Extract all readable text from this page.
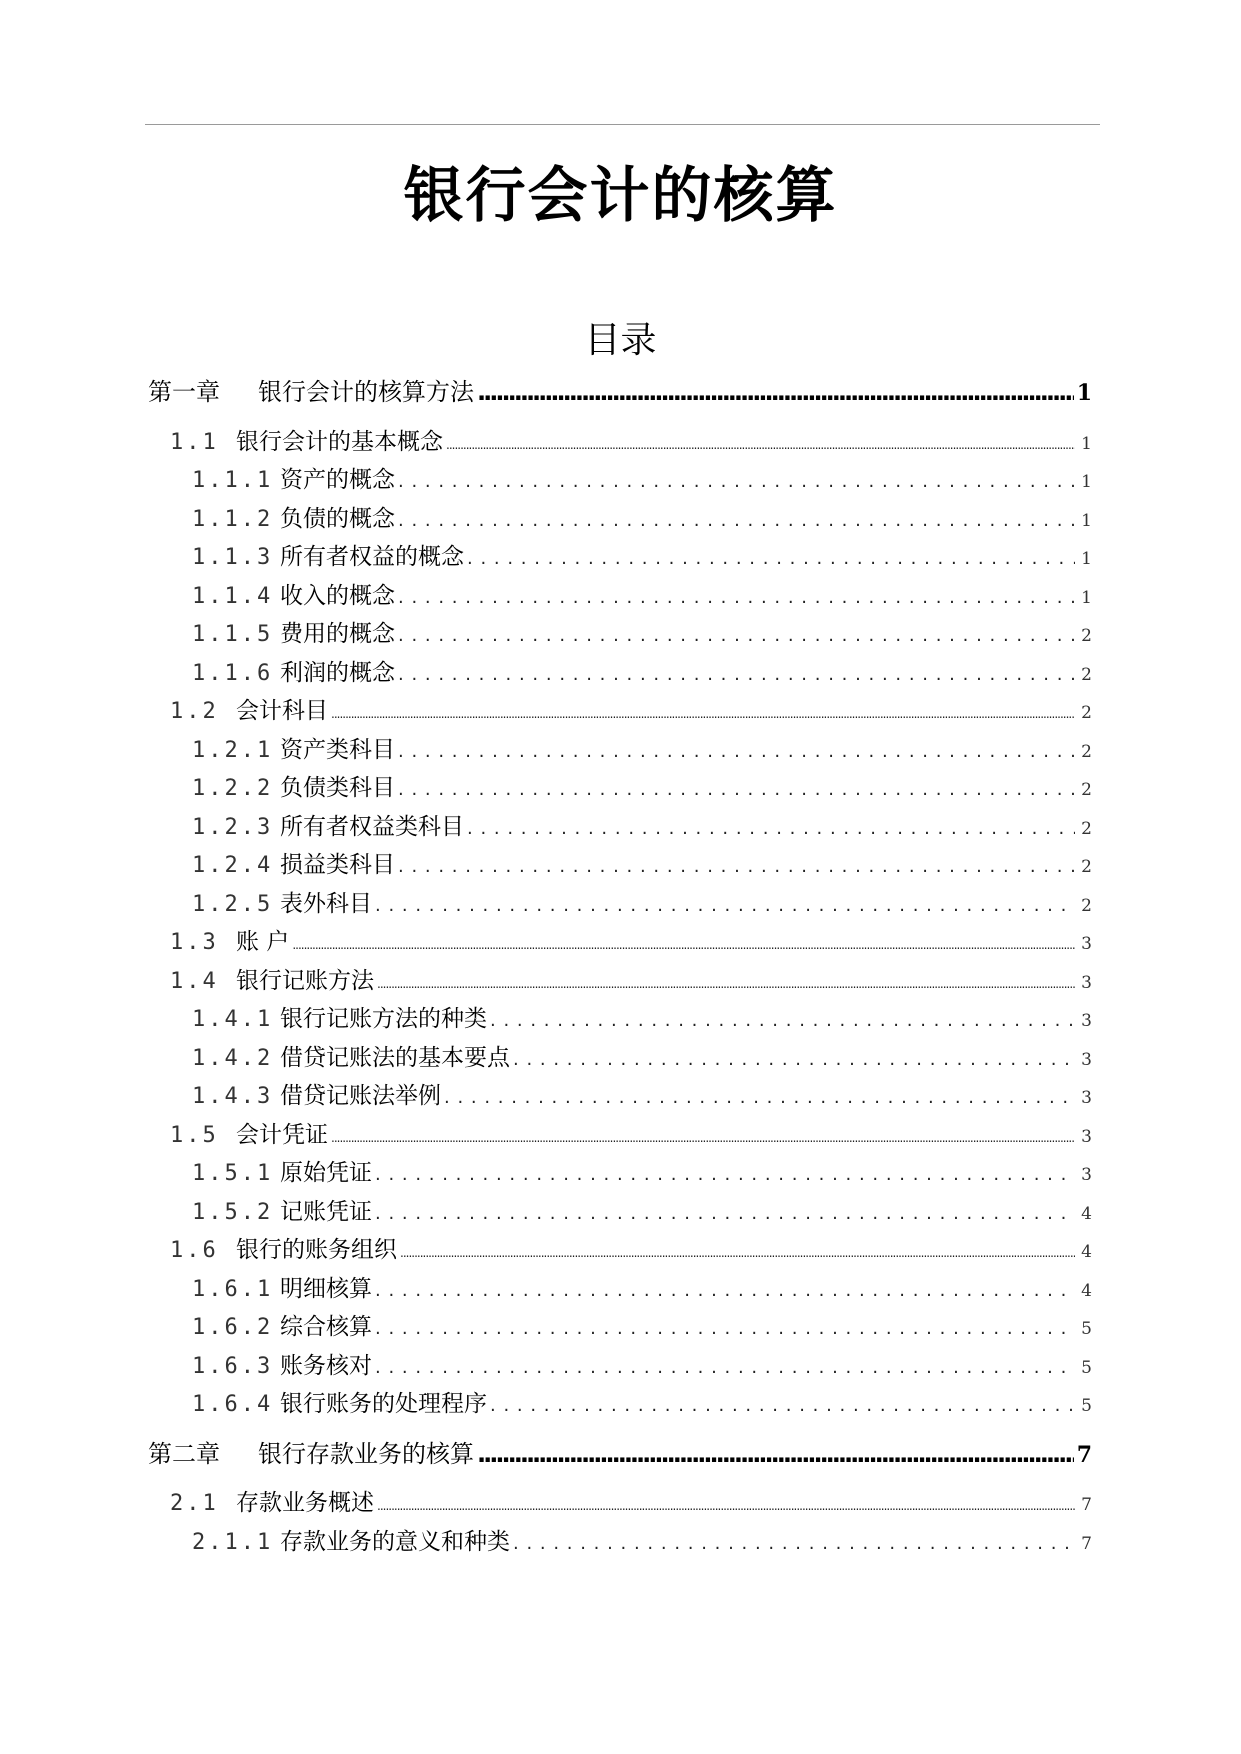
银行会计的核算
目录
第一章	银行会计的核算方法 .....	1
1.1 银行会计的基本概念 .....	1
1.1.1 资产的概念 . . .	1
1.1.2 负债的概念 . . .	1
1.1.3 所有者权益的概念 . . .	1
1.1.4 收入的概念 . . .	1
1.1.5 费用的概念 . . .	2
1.1.6 利润的概念 . . .	2
1.2 会计科目 .....	2
1.2.1 资产类科目 . . .	2
1.2.2 负债类科目 . . .	2
1.2.3 所有者权益类科目 . . .	2
1.2.4 损益类科目 . . .	2
1.2.5 表外科目 . . .	2
1.3 账 户 .....	3
1.4 银行记账方法 .....	3
1.4.1 银行记账方法的种类 . . .	3
1.4.2 借贷记账法的基本要点 . . .	3
1.4.3 借贷记账法举例 . . .	3
1.5 会计凭证 .....	3
1.5.1 原始凭证 . . .	3
1.5.2 记账凭证 . . .	4
1.6 银行的账务组织 .....	4
1.6.1 明细核算 . . .	4
1.6.2 综合核算 . . .	5
1.6.3 账务核对 . . .	5
1.6.4 银行账务的处理程序 . . .	5
第二章	银行存款业务的核算 .....	7
2.1 存款业务概述 .....	7
2.1.1 存款业务的意义和种类 . . .	7
